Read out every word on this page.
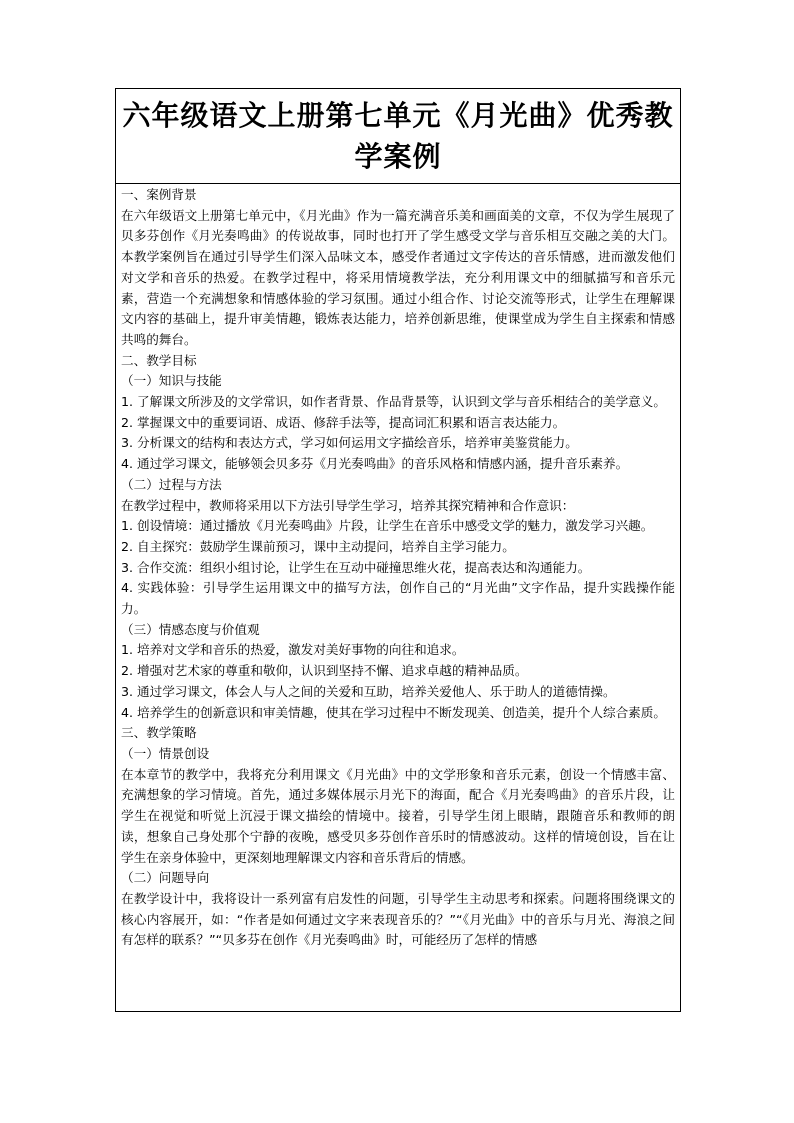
六年级语文上册第七单元《月光曲》优秀教学案例

一、案例背景

在六年级语文上册第七单元中，《月光曲》作为一篇充满音乐美和画面美的文章，不仅为学生展现了贝多芬创作《月光奏鸣曲》的传说故事，同时也打开了学生感受文学与音乐相互交融之美的大门。本教学案例旨在通过引导学生们深入品味文本，感受作者通过文字传达的音乐情感，进而激发他们对文学和音乐的热爱。在教学过程中，将采用情境教学法，充分利用课文中的细腻描写和音乐元素，营造一个充满想象和情感体验的学习氛围。通过小组合作、讨论交流等形式，让学生在理解课文内容的基础上，提升审美情趣，锻炼表达能力，培养创新思维，使课堂成为学生自主探索和情感共鸣的舞台。

二、教学目标

（一）知识与技能

1. 了解课文所涉及的文学常识，如作者背景、作品背景等，认识到文学与音乐相结合的美学意义。

2. 掌握课文中的重要词语、成语、修辞手法等，提高词汇积累和语言表达能力。

3. 分析课文的结构和表达方式，学习如何运用文字描绘音乐，培养审美鉴赏能力。

4. 通过学习课文，能够领会贝多芬《月光奏鸣曲》的音乐风格和情感内涵，提升音乐素养。

（二）过程与方法

在教学过程中，教师将采用以下方法引导学生学习，培养其探究精神和合作意识：

1. 创设情境：通过播放《月光奏鸣曲》片段，让学生在音乐中感受文学的魅力，激发学习兴趣。

2. 自主探究：鼓励学生课前预习，课中主动提问，培养自主学习能力。

3. 合作交流：组织小组讨论，让学生在互动中碰撞思维火花，提高表达和沟通能力。

4. 实践体验：引导学生运用课文中的描写方法，创作自己的“月光曲”文字作品，提升实践操作能力。

（三）情感态度与价值观

1. 培养对文学和音乐的热爱，激发对美好事物的向往和追求。

2. 增强对艺术家的尊重和敬仰，认识到坚持不懈、追求卓越的精神品质。

3. 通过学习课文，体会人与人之间的关爱和互助，培养关爱他人、乐于助人的道德情操。

4. 培养学生的创新意识和审美情趣，使其在学习过程中不断发现美、创造美，提升个人综合素质。

三、教学策略

（一）情景创设

在本章节的教学中，我将充分利用课文《月光曲》中的文学形象和音乐元素，创设一个情感丰富、充满想象的学习情境。首先，通过多媒体展示月光下的海面，配合《月光奏鸣曲》的音乐片段，让学生在视觉和听觉上沉浸于课文描绘的情境中。接着，引导学生闭上眼睛，跟随音乐和教师的朗读，想象自己身处那个宁静的夜晚，感受贝多芬创作音乐时的情感波动。这样的情境创设，旨在让学生在亲身体验中，更深刻地理解课文内容和音乐背后的情感。

（二）问题导向

在教学设计中，我将设计一系列富有启发性的问题，引导学生主动思考和探索。问题将围绕课文的核心内容展开，如：“作者是如何通过文字来表现音乐的？”“《月光曲》中的音乐与月光、海浪之间有怎样的联系？”“贝多芬在创作《月光奏鸣曲》时，可能经历了怎样的情感
